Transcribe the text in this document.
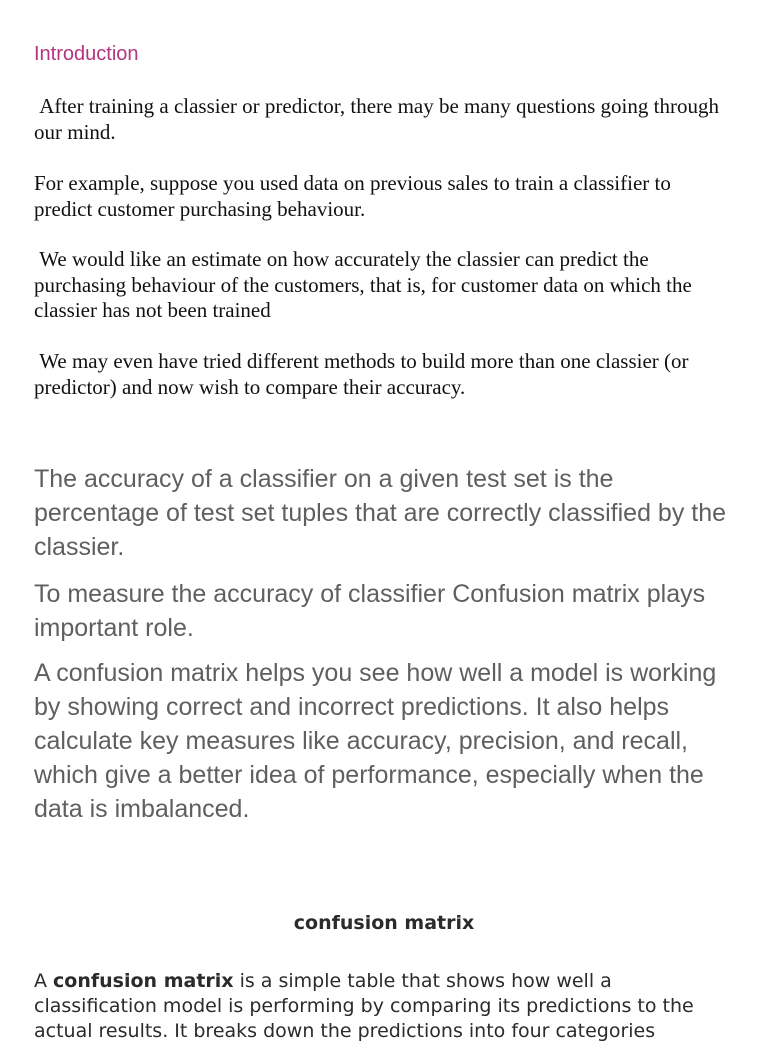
Introduction

After training a classier or predictor, there may be many questions going through our mind.

For example, suppose you used data on previous sales to train a classifier to predict customer purchasing behaviour.

We would like an estimate on how accurately the classier can predict the purchasing behaviour of the customers, that is, for customer data on which the classier has not been trained

We may even have tried different methods to build more than one classier (or predictor) and now wish to compare their accuracy.

The accuracy of a classifier on a given test set is the percentage of test set tuples that are correctly classified by the classier.

To measure the accuracy of classifier Confusion matrix plays important role.

A confusion matrix helps you see how well a model is working by showing correct and incorrect predictions. It also helps calculate key measures like accuracy, precision, and recall, which give a better idea of performance, especially when the data is imbalanced.

confusion matrix

A confusion matrix is a simple table that shows how well a classification model is performing by comparing its predictions to the actual results. It breaks down the predictions into four categories
